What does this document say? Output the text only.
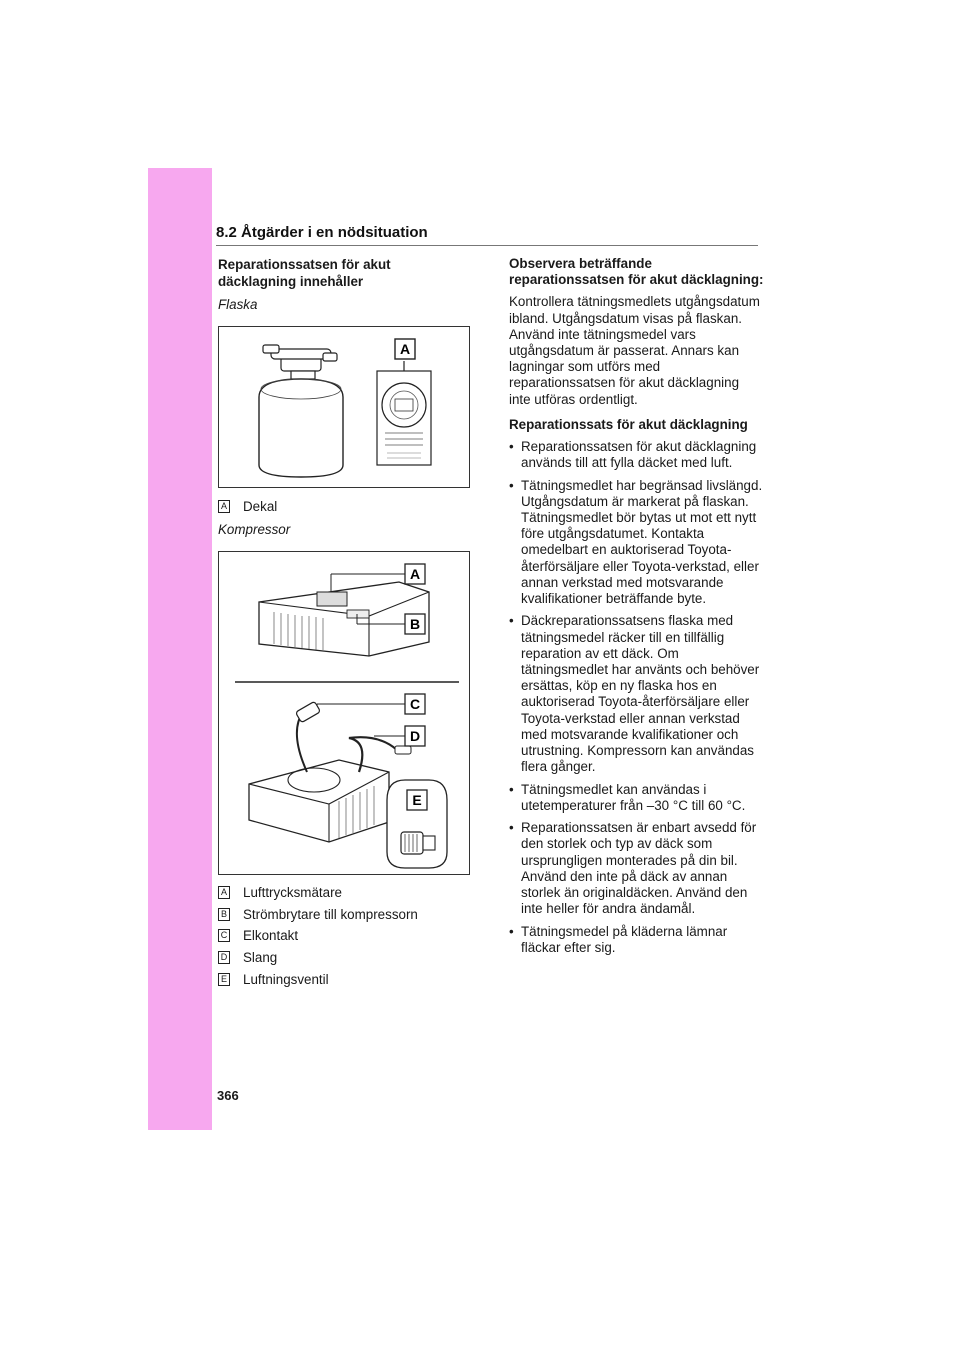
8.2 Åtgärder i en nödsituation

Reparationssatsen för akut däcklagning innehåller

Flaska

A
A Dekal

Kompressor

A
B
C
D
E
A Lufttrycksmätare
B Strömbrytare till kompressorn
C Elkontakt
D Slang
E Luftningsventil

Observera beträffande reparationssatsen för akut däcklagning:

Kontrollera tätningsmedlets utgångsdatum ibland. Utgångsdatum visas på flaskan. Använd inte tätningsmedel vars utgångsdatum är passerat. Annars kan lagningar som utförs med reparationssatsen för akut däcklagning inte utföras ordentligt.

Reparationssats för akut däcklagning

• Reparationssatsen för akut däcklagning används till att fylla däcket med luft.
• Tätningsmedlet har begränsad livslängd. Utgångsdatum är markerat på flaskan. Tätningsmedlet bör bytas ut mot ett nytt före utgångsdatumet. Kontakta omedelbart en auktoriserad Toyota-återförsäljare eller Toyota-verkstad, eller annan verkstad med motsvarande kvalifikationer beträffande byte.
• Däckreparationssatsens flaska med tätningsmedel räcker till en tillfällig reparation av ett däck. Om tätningsmedlet har använts och behöver ersättas, köp en ny flaska hos en auktoriserad Toyota-återförsäljare eller Toyota-verkstad eller annan verkstad med motsvarande kvalifikationer och utrustning. Kompressorn kan användas flera gånger.
• Tätningsmedlet kan användas i utetemperaturer från –30 °C till 60 °C.
• Reparationssatsen är enbart avsedd för den storlek och typ av däck som ursprungligen monterades på din bil. Använd den inte på däck av annan storlek än originaldäcken. Använd den inte heller för andra ändamål.
• Tätningsmedel på kläderna lämnar fläckar efter sig.
366
